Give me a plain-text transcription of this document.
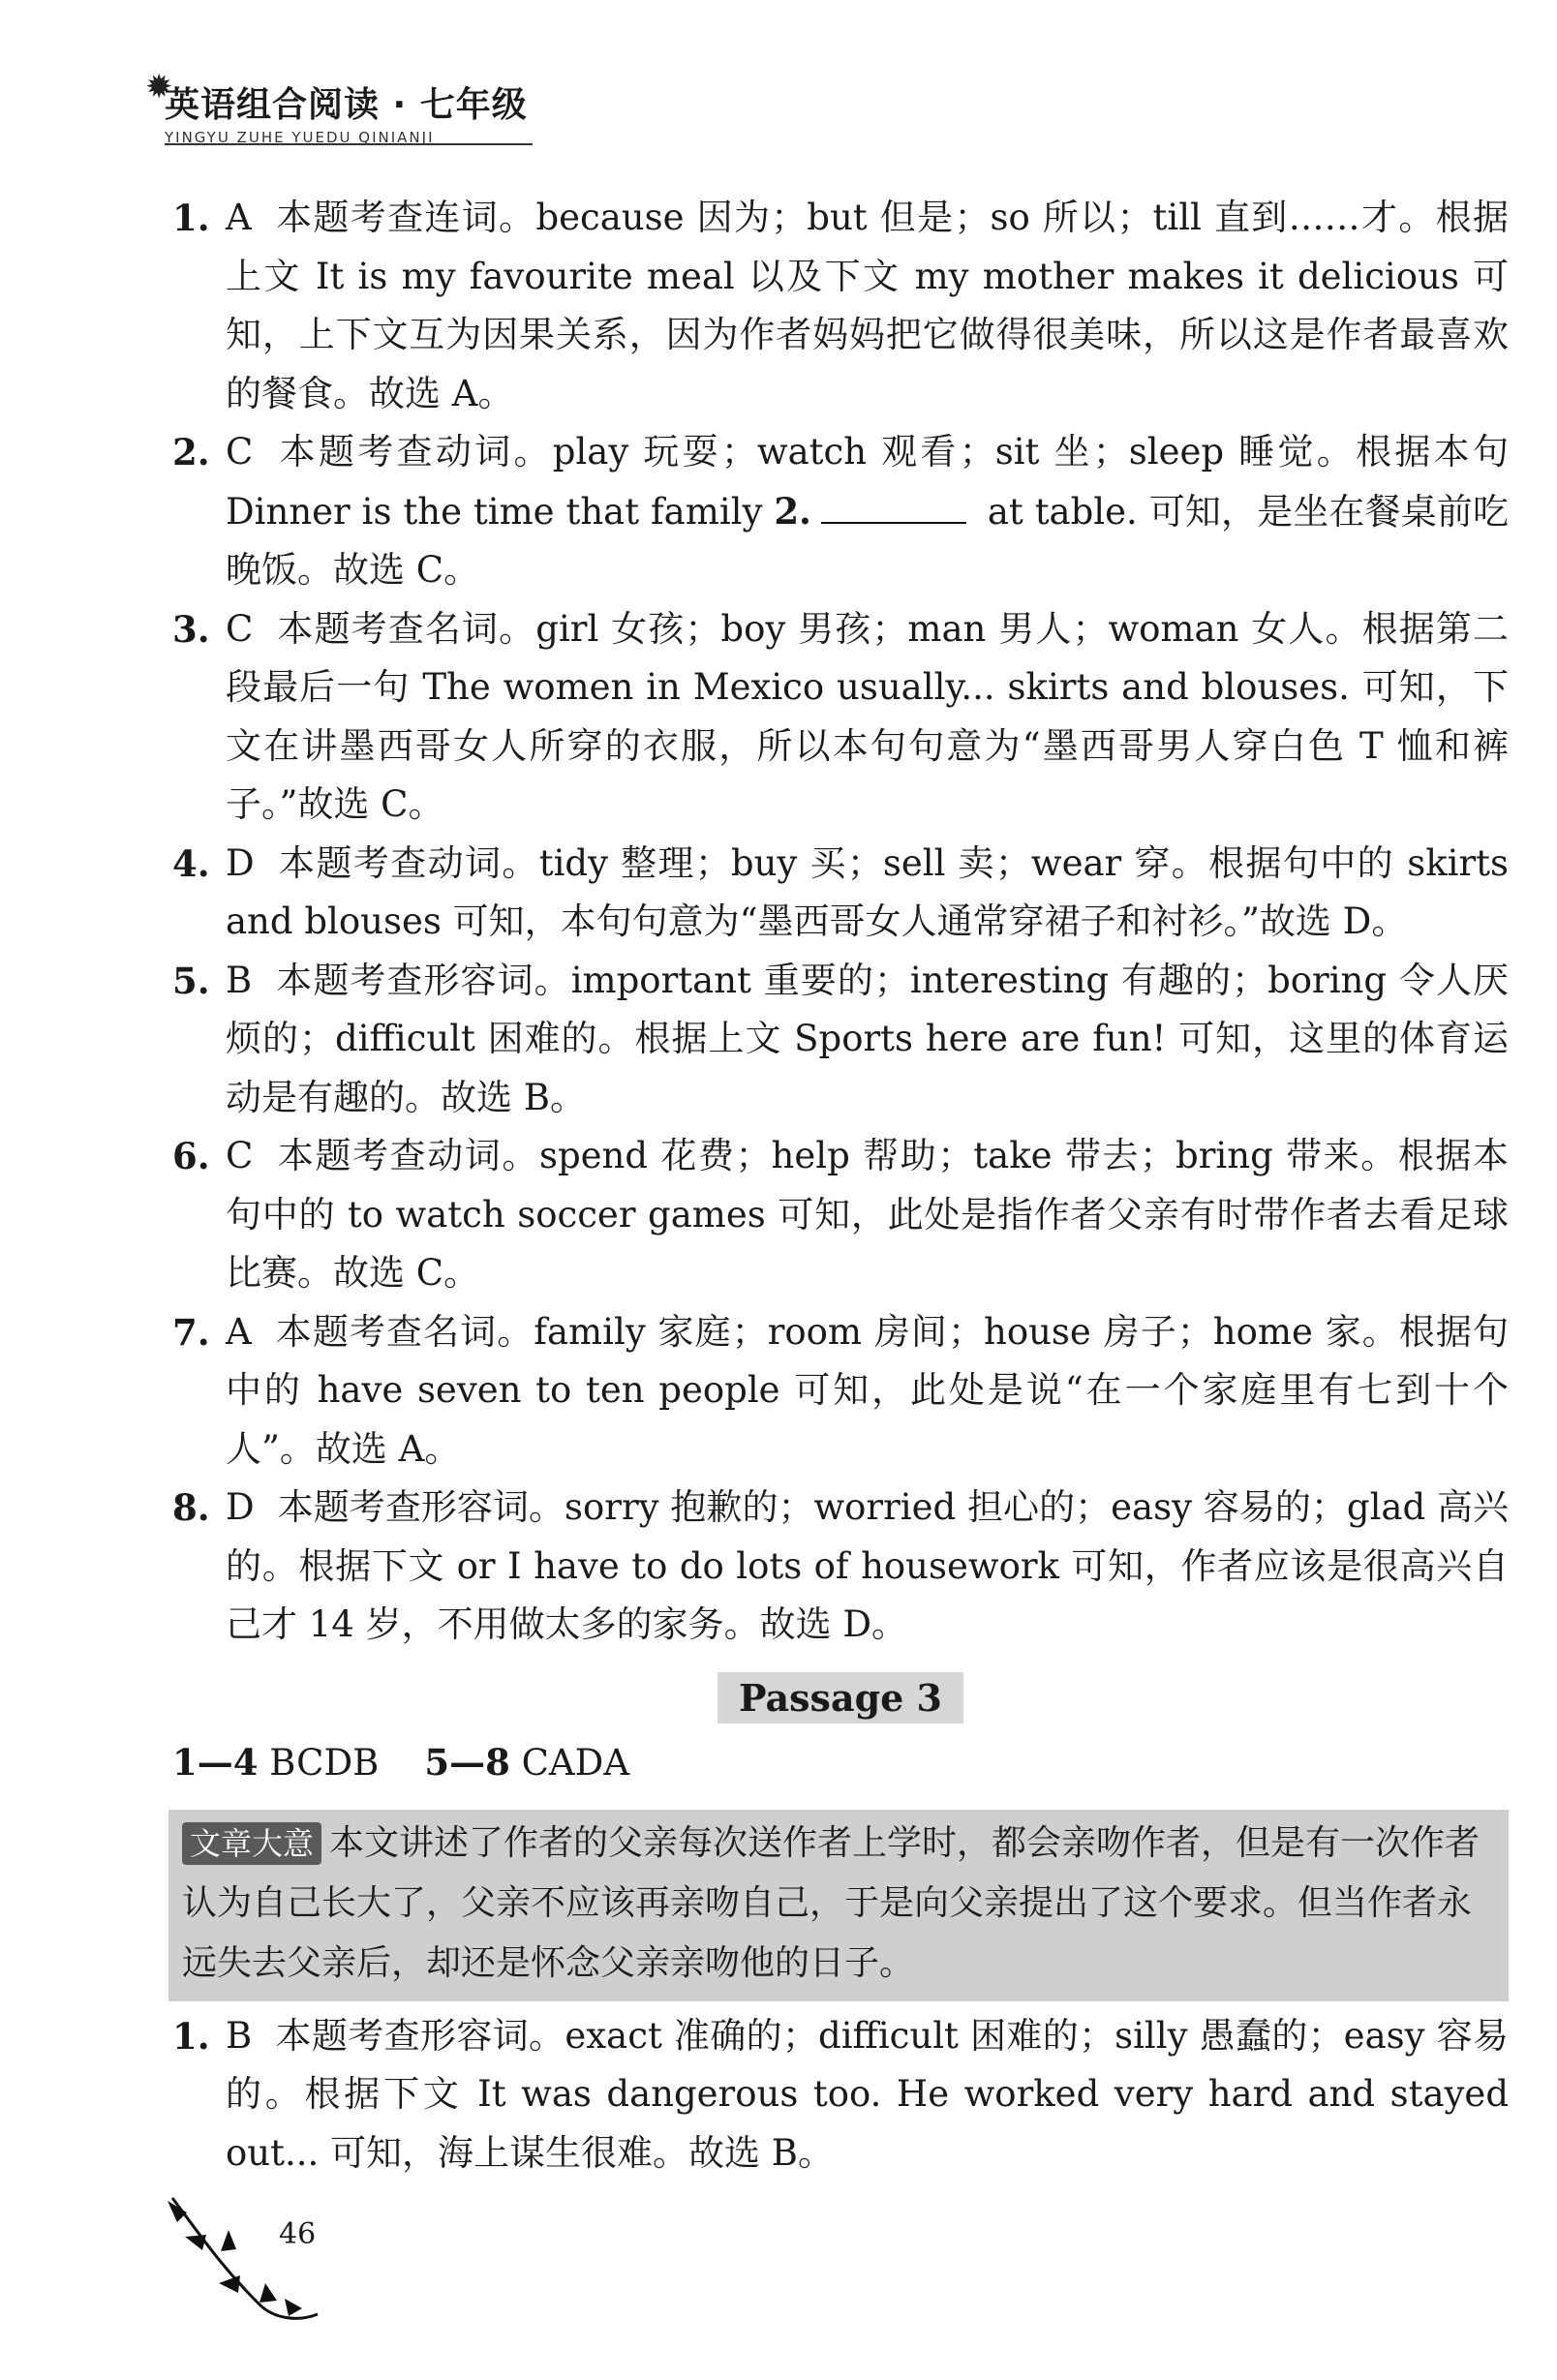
✹
英语组合阅读 · 七年级
YINGYU ZUHE YUEDU QINIANJI
1. A 本题考查连词。because 因为；but 但是；so 所以；till 直到……才。根据上文 It is my favourite meal 以及下文 my mother makes it delicious 可知，上下文互为因果关系，因为作者妈妈把它做得很美味，所以这是作者最喜欢的餐食。故选 A。
2. C 本题考查动词。play 玩耍；watch 观看；sit 坐；sleep 睡觉。根据本句 Dinner is the time that family 2.	at table. 可知，是坐在餐桌前吃晚饭。故选 C。
3. C 本题考查名词。girl 女孩；boy 男孩；man 男人；woman 女人。根据第二段最后一句 The women in Mexico usually... skirts and blouses. 可知，下文在讲墨西哥女人所穿的衣服，所以本句句意为“墨西哥男人穿白色 T 恤和裤子。”故选 C。
4. D 本题考查动词。tidy 整理；buy 买；sell 卖；wear 穿。根据句中的 skirts and blouses 可知，本句句意为“墨西哥女人通常穿裙子和衬衫。”故选 D。
5. B 本题考查形容词。important 重要的；interesting 有趣的；boring 令人厌烦的；difficult 困难的。根据上文 Sports here are fun! 可知，这里的体育运动是有趣的。故选 B。
6. C 本题考查动词。spend 花费；help 帮助；take 带去；bring 带来。根据本句中的 to watch soccer games 可知，此处是指作者父亲有时带作者去看足球比赛。故选 C。
7. A 本题考查名词。family 家庭；room 房间；house 房子；home 家。根据句中的 have seven to ten people 可知，此处是说“在一个家庭里有七到十个人”。故选 A。
8. D 本题考查形容词。sorry 抱歉的；worried 担心的；easy 容易的；glad 高兴的。根据下文 or I have to do lots of housework 可知，作者应该是很高兴自己才 14 岁，不用做太多的家务。故选 D。
Passage 3
1—4 BCDB 5—8 CADA
文章大意 本文讲述了作者的父亲每次送作者上学时，都会亲吻作者，但是有一次作者认为自己长大了，父亲不应该再亲吻自己，于是向父亲提出了这个要求。但当作者永远失去父亲后，却还是怀念父亲亲吻他的日子。
1. B 本题考查形容词。exact 准确的；difficult 困难的；silly 愚蠢的；easy 容易的。根据下文 It was dangerous too. He worked very hard and stayed out... 可知，海上谋生很难。故选 B。
46
